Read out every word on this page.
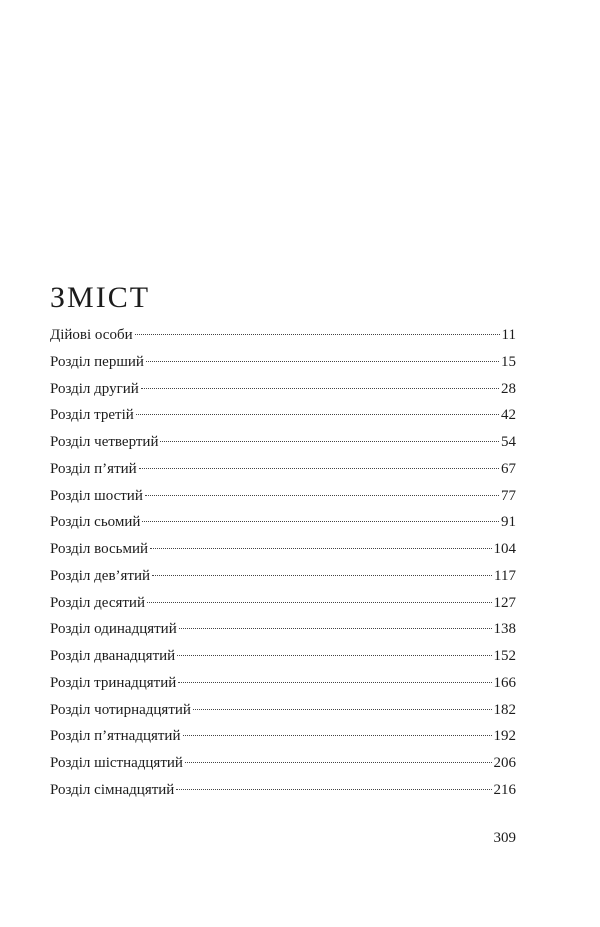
ЗМІСТ
Дійові особи	11
Розділ перший	15
Розділ другий	28
Розділ третій	42
Розділ четвертий	54
Розділ п’ятий	67
Розділ шостий	77
Розділ сьомий	91
Розділ восьмий	104
Розділ дев’ятий	117
Розділ десятий	127
Розділ одинадцятий	138
Розділ дванадцятий	152
Розділ тринадцятий	166
Розділ чотирнадцятий	182
Розділ п’ятнадцятий	192
Розділ шістнадцятий	206
Розділ сімнадцятий	216
309
